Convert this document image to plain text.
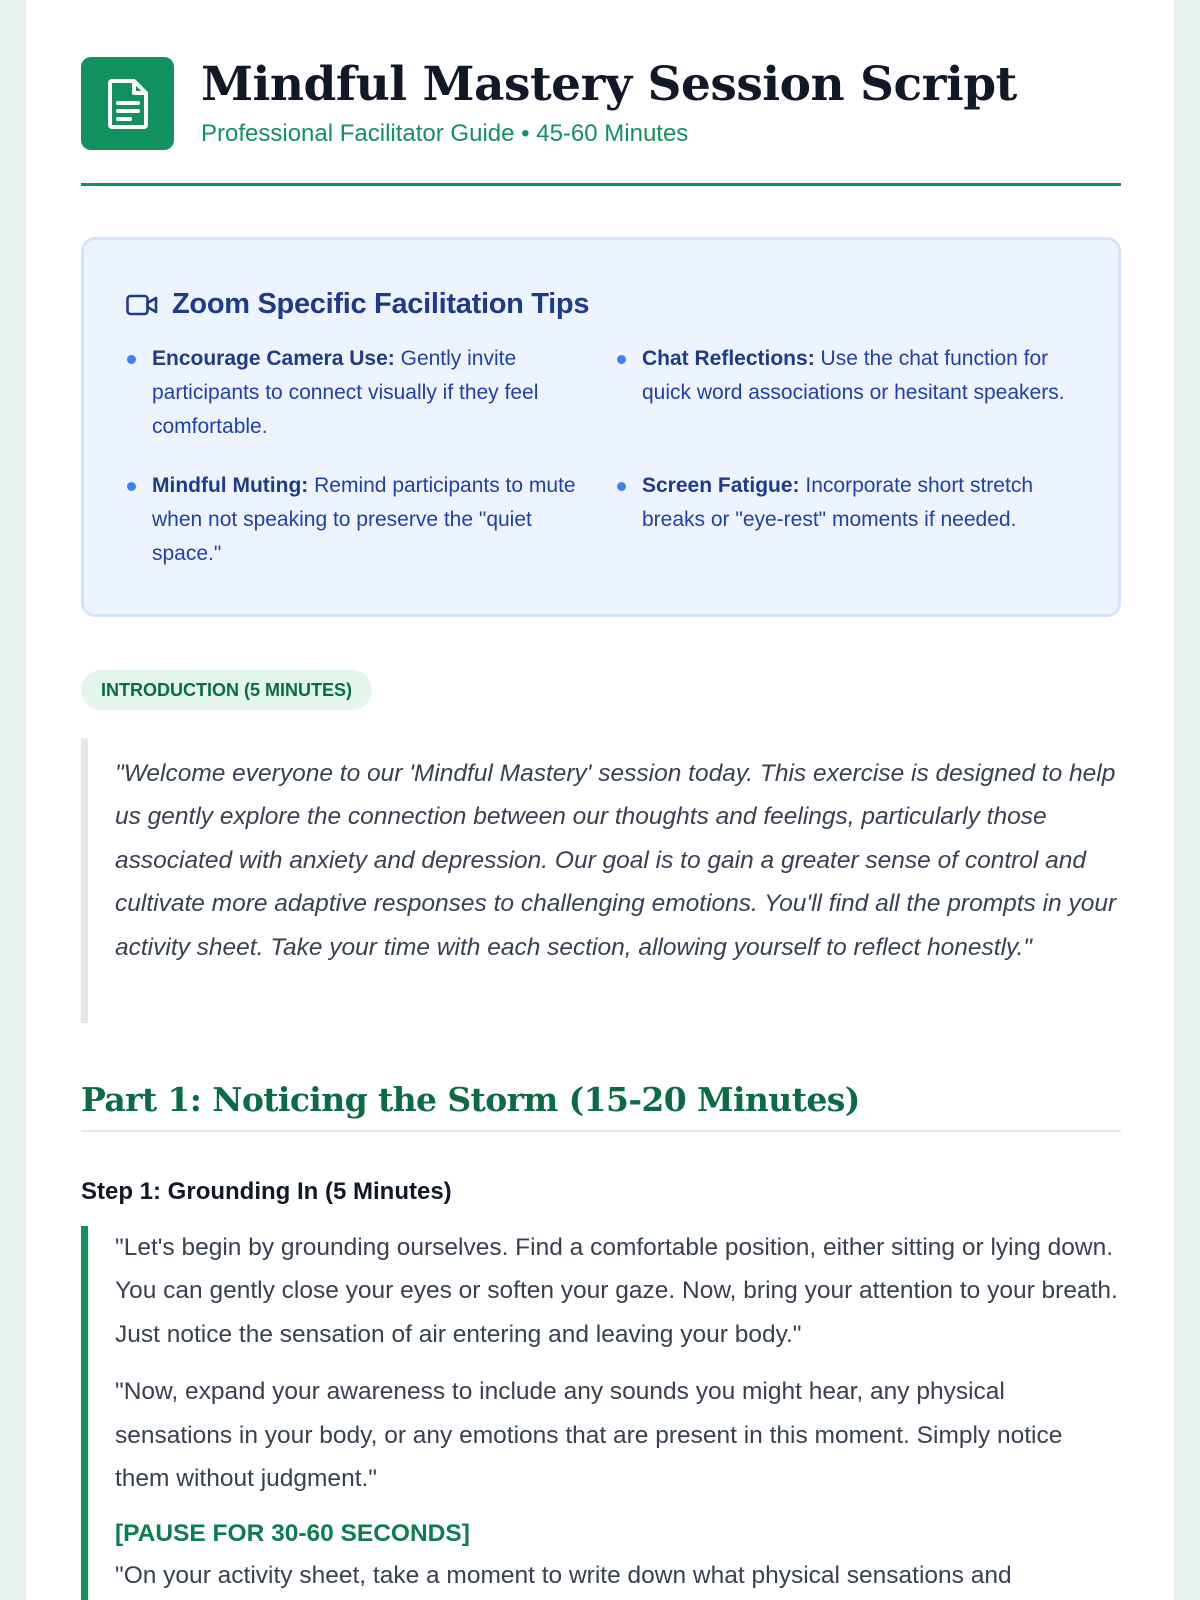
Mindful Mastery Session Script
Professional Facilitator Guide • 45-60 Minutes
Zoom Specific Facilitation Tips
Encourage Camera Use: Gently invite participants to connect visually if they feel comfortable.
Chat Reflections: Use the chat function for quick word associations or hesitant speakers.
Mindful Muting: Remind participants to mute when not speaking to preserve the "quiet space."
Screen Fatigue: Incorporate short stretch breaks or "eye-rest" moments if needed.
INTRODUCTION (5 MINUTES)
"Welcome everyone to our 'Mindful Mastery' session today. This exercise is designed to help us gently explore the connection between our thoughts and feelings, particularly those associated with anxiety and depression. Our goal is to gain a greater sense of control and cultivate more adaptive responses to challenging emotions. You'll find all the prompts in your activity sheet. Take your time with each section, allowing yourself to reflect honestly."
Part 1: Noticing the Storm (15-20 Minutes)
Step 1: Grounding In (5 Minutes)

"Let's begin by grounding ourselves. Find a comfortable position, either sitting or lying down. You can gently close your eyes or soften your gaze. Now, bring your attention to your breath. Just notice the sensation of air entering and leaving your body."

"Now, expand your awareness to include any sounds you might hear, any physical sensations in your body, or any emotions that are present in this moment. Simply notice them without judgment."

[PAUSE FOR 30-60 SECONDS]

"On your activity sheet, take a moment to write down what physical sensations and
